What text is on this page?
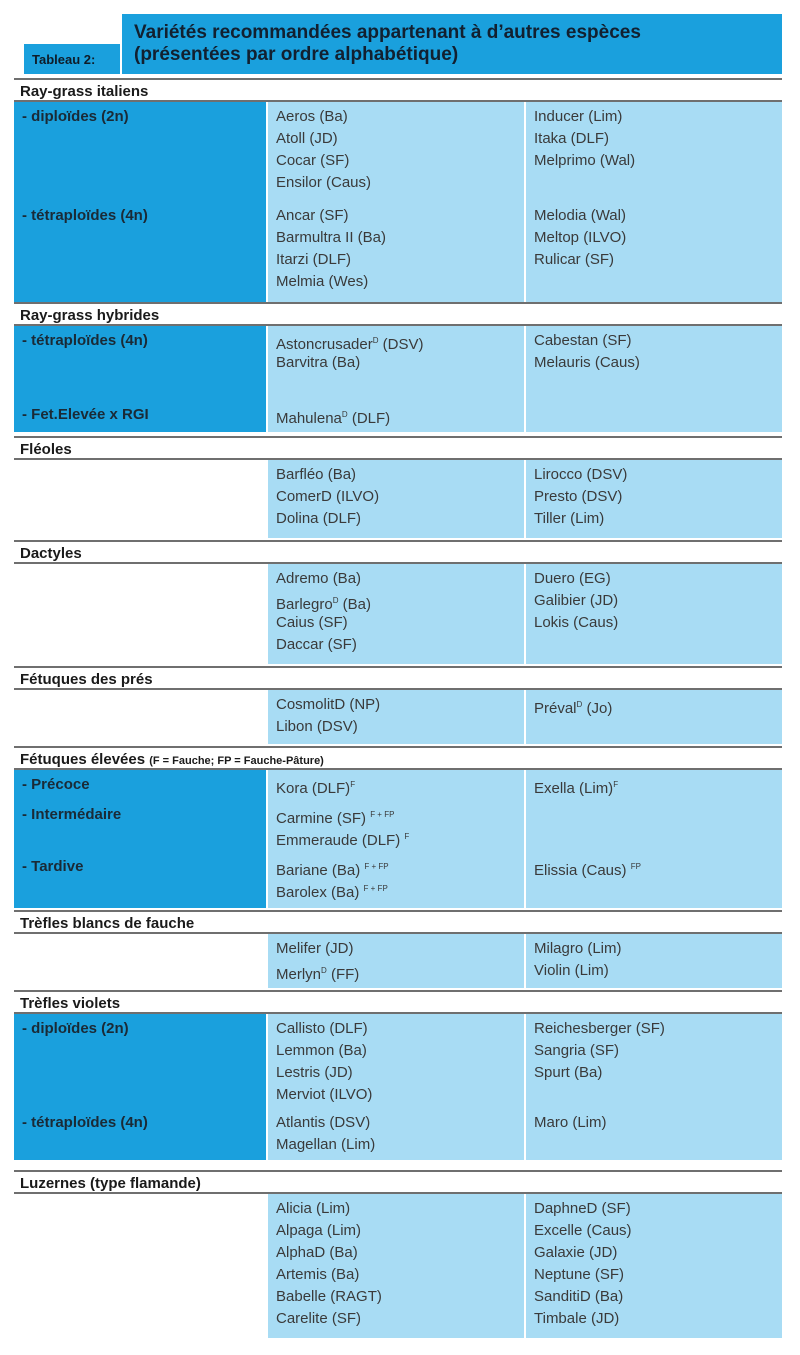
Tableau 2:
Variétés recommandées appartenant à d’autres espèces
(présentées par ordre alphabétique)
Ray-grass italiens
- diploïdes (2n)
- tétraploïdes (4n)
Aeros (Ba)
Atoll (JD)
Cocar (SF)
Ensilor (Caus)
Ancar (SF)
Barmultra II (Ba)
Itarzi (DLF)
Melmia (Wes)
Inducer (Lim)
Itaka (DLF)
Melprimo (Wal)
Melodia (Wal)
Meltop (ILVO)
Rulicar (SF)
Ray-grass hybrides
- tétraploïdes (4n)
- Fet.Elevée x RGI
Astoncrusader$^D$ (DSV)
Barvitra (Ba)
Mahulena$^D$ (DLF)
Cabestan (SF)
Melauris (Caus)
Fléoles
Barfléo (Ba)
ComerD (ILVO)
Dolina (DLF)
Lirocco (DSV)
Presto (DSV)
Tiller (Lim)
Dactyles
Adremo (Ba)
Barlegro$^D$ (Ba)
Caius (SF)
Daccar (SF)
Duero (EG)
Galibier (JD)
Lokis (Caus)
Fétuques des prés
CosmolitD (NP)
Libon (DSV)
Préval$^D$ (Jo)
Fétuques élevées (F = Fauche; FP = Fauche-Pâture)
- Précoce
- Intermédaire
- Tardive
Kora (DLF)$^F$
Carmine (SF) $^{F + FP}$
Emmeraude (DLF) $^F$
Bariane (Ba) $^{F + FP}$
Barolex (Ba) $^{F + FP}$
Exella (Lim)$^F$
Elissia (Caus) $^{FP}$
Trèfles blancs de fauche
Melifer (JD)
Merlyn$^D$ (FF)
Milagro (Lim)
Violin (Lim)
Trèfles violets
- diploïdes (2n)
- tétraploïdes (4n)
Callisto (DLF)
Lemmon (Ba)
Lestris (JD)
Merviot (ILVO)
Atlantis (DSV)
Magellan (Lim)
Reichesberger (SF)
Sangria (SF)
Spurt (Ba)
Maro (Lim)
Luzernes (type flamande)
Alicia (Lim)
Alpaga (Lim)
AlphaD (Ba)
Artemis (Ba)
Babelle (RAGT)
Carelite (SF)
DaphneD (SF)
Excelle (Caus)
Galaxie (JD)
Neptune (SF)
SanditiD (Ba)
Timbale (JD)
